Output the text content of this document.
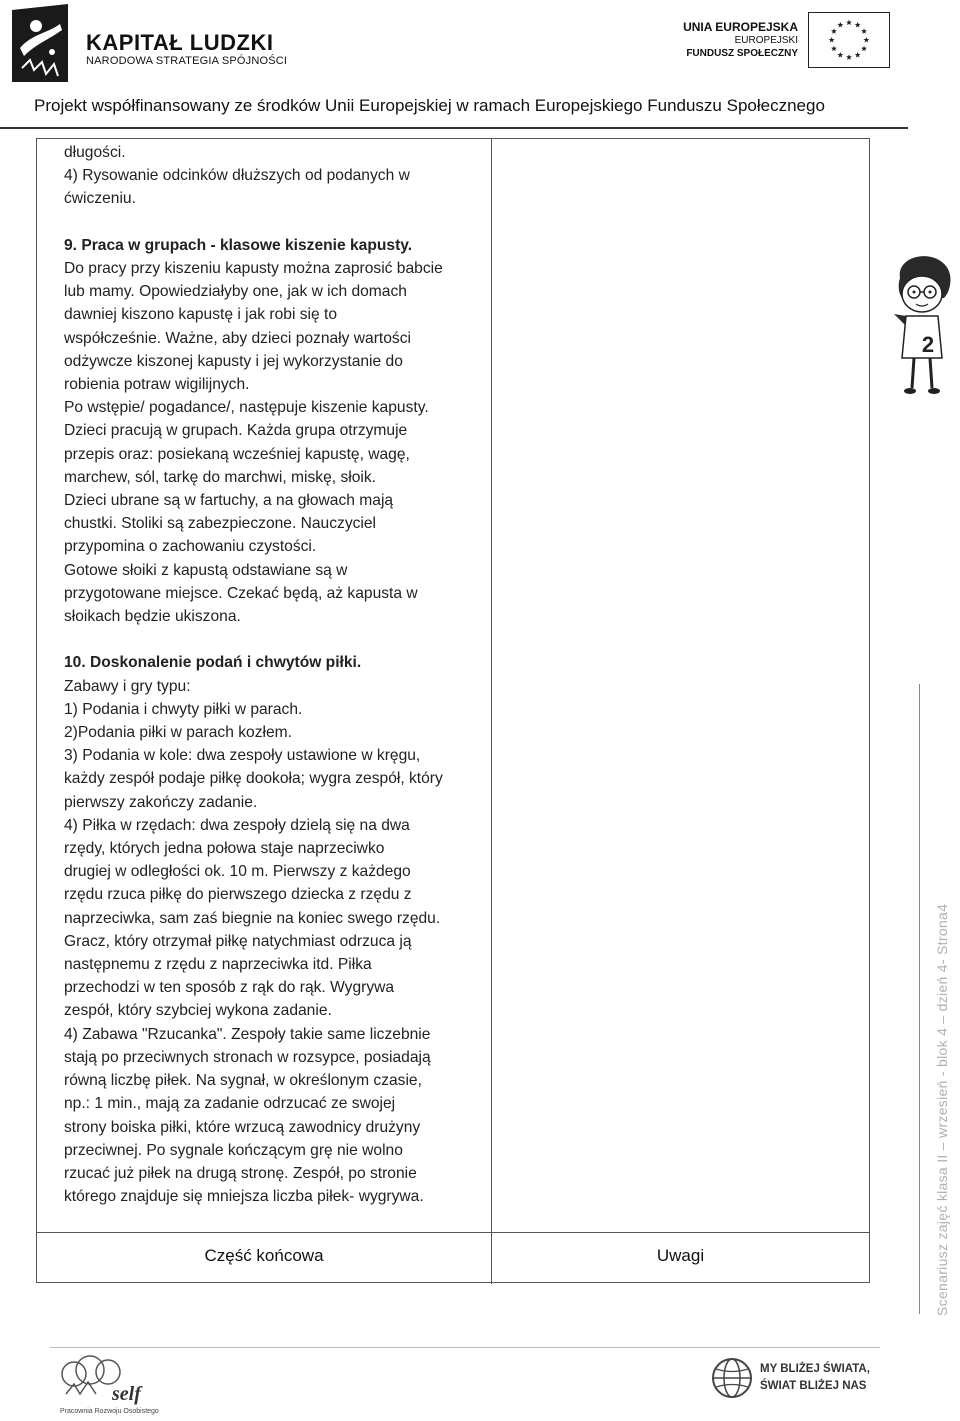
KAPITAŁ LUDZKI
NARODOWA STRATEGIA SPÓJNOŚCI
UNIA EUROPEJSKA
EUROPEJSKI
FUNDUSZ SPOŁECZNY
Projekt współfinansowany ze środków Unii Europejskiej w ramach Europejskiego Funduszu Społecznego

długości.

4) Rysowanie odcinków dłuższych od podanych w

ćwiczeniu.

9. Praca w grupach - klasowe kiszenie kapusty.

Do pracy przy kiszeniu kapusty można zaprosić babcie

lub mamy. Opowiedziałyby one, jak w ich domach

dawniej kiszono kapustę i jak robi się to

współcześnie. Ważne, aby dzieci poznały wartości

odżywcze kiszonej kapusty i jej wykorzystanie do

robienia potraw wigilijnych.

Po wstępie/ pogadance/, następuje kiszenie kapusty.

Dzieci pracują w grupach. Każda grupa otrzymuje

przepis oraz: posiekaną wcześniej kapustę, wagę,

marchew, sól, tarkę do marchwi, miskę, słoik.

Dzieci ubrane są w fartuchy, a na głowach mają

chustki. Stoliki są zabezpieczone. Nauczyciel

przypomina o zachowaniu czystości.

Gotowe słoiki z kapustą odstawiane są w

przygotowane miejsce. Czekać będą, aż kapusta w

słoikach będzie ukiszona.

10. Doskonalenie podań i chwytów piłki.

Zabawy i gry typu:

1) Podania i chwyty piłki w parach.

2)Podania piłki w parach kozłem.

3) Podania w kole: dwa zespoły ustawione w kręgu,

każdy zespół podaje piłkę dookoła; wygra zespół, który

pierwszy zakończy zadanie.

4) Piłka w rzędach: dwa zespoły dzielą się na dwa

rzędy, których jedna połowa staje naprzeciwko

drugiej w odległości ok. 10 m. Pierwszy z każdego

rzędu rzuca piłkę do pierwszego dziecka z rzędu z

naprzeciwka, sam zaś biegnie na koniec swego rzędu.

Gracz, który otrzymał piłkę natychmiast odrzuca ją

następnemu z rzędu z naprzeciwka itd. Piłka

przechodzi w ten sposób z rąk do rąk. Wygrywa

zespół, który szybciej wykona zadanie.

4) Zabawa "Rzucanka". Zespoły takie same liczebnie

stają po przeciwnych stronach w rozsypce, posiadają

równą liczbę piłek. Na sygnał, w określonym czasie,

np.: 1 min., mają za zadanie odrzucać ze swojej

strony boiska piłki, które wrzucą zawodnicy drużyny

przeciwnej. Po sygnale kończącym grę nie wolno

rzucać już piłek na drugą stronę. Zespół, po stronie

którego znajduje się mniejsza liczba piłek- wygrywa.

Część końcowa	Uwagi
2
Scenariusz zajęć klasa II – wrzesień - blok 4 – dzień 4- Strona4
self
Pracownia Rozwoju Osobistego
MY BLIŻEJ ŚWIATA,
ŚWIAT BLIŻEJ NAS
